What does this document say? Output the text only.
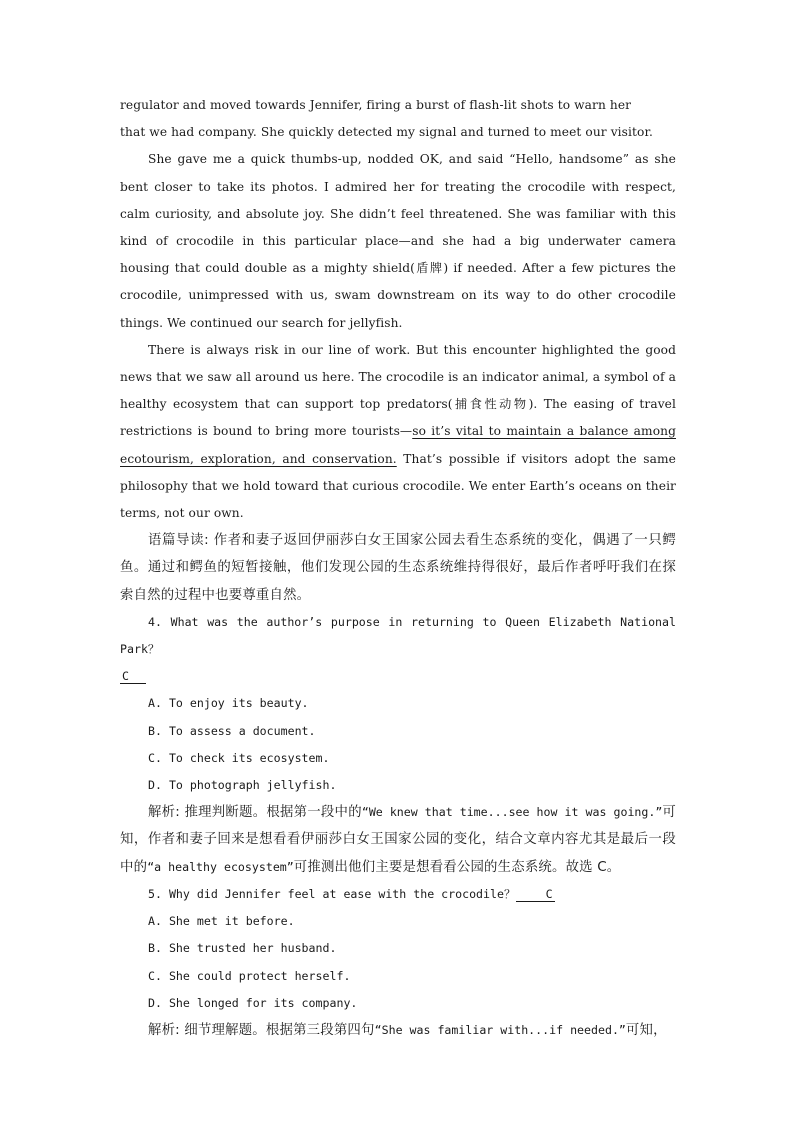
regulator and moved towards Jennifer, firing a burst of flash-lit shots to warn her

that we had company. She quickly detected my signal and turned to meet our visitor.

She gave me a quick thumbs-up, nodded OK, and said “Hello, handsome” as she bent closer to take its photos. I admired her for treating the crocodile with respect, calm curiosity, and absolute joy. She didn’t feel threatened. She was familiar with this kind of crocodile in this particular place—and she had a big underwater camera housing that could double as a mighty shield(盾牌) if needed. After a few pictures the crocodile, unimpressed with us, swam downstream on its way to do other crocodile things. We continued our search for jellyfish.

There is always risk in our line of work. But this encounter highlighted the good news that we saw all around us here. The crocodile is an indicator animal, a symbol of a healthy ecosystem that can support top predators(捕食性动物). The easing of travel restrictions is bound to bring more tourists—so it’s vital to maintain a balance among ecotourism, exploration, and conservation. That’s possible if visitors adopt the same philosophy that we hold toward that curious crocodile. We enter Earth’s oceans on their terms, not our own.

语篇导读: 作者和妻子返回伊丽莎白女王国家公园去看生态系统的变化，偶遇了一只鳄鱼。通过和鳄鱼的短暂接触，他们发现公园的生态系统维持得很好，最后作者呼吁我们在探索自然的过程中也要尊重自然。

4. What was the author’s purpose in returning to Queen Elizabeth National Park？

C

A. To enjoy its beauty.

B. To assess a document.

C. To check its ecosystem.

D. To photograph jellyfish.

解析: 推理判断题。根据第一段中的“We knew that time...see how it was going.”可知，作者和妻子回来是想看看伊丽莎白女王国家公园的变化，结合文章内容尤其是最后一段中的“a healthy ecosystem”可推测出他们主要是想看看公园的生态系统。故选 C。

5. Why did Jennifer feel at ease with the crocodile？	C

A. She met it before.

B. She trusted her husband.

C. She could protect herself.

D. She longed for its company.

解析: 细节理解题。根据第三段第四句“She was familiar with...if needed.”可知，
